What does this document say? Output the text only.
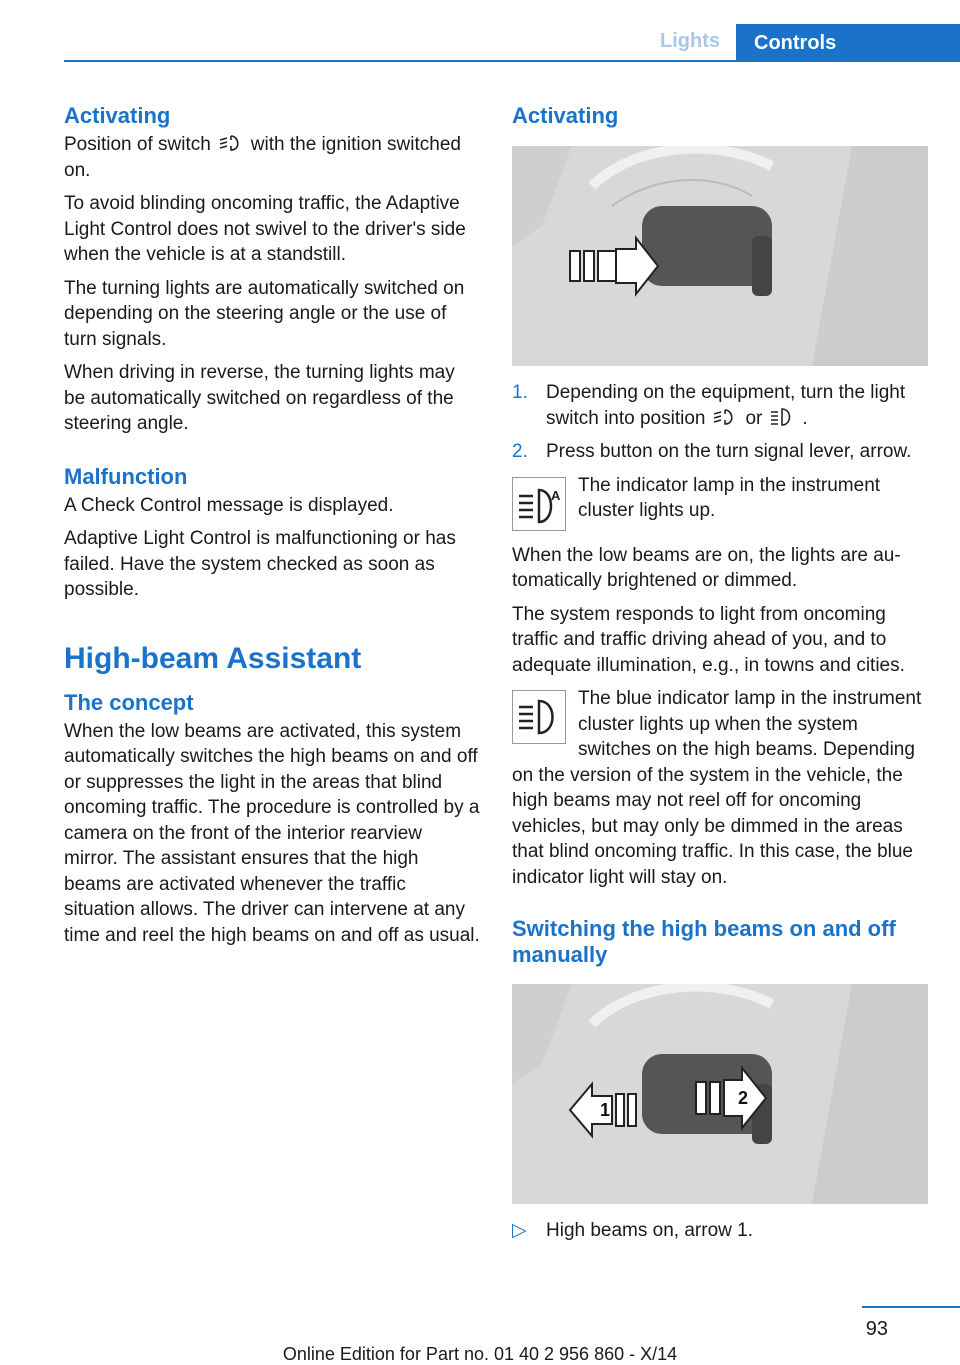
Lights	Controls
Activating

Position of switch with the ignition switched on.

To avoid blinding oncoming traffic, the Adaptive Light Control does not swivel to the driver's side when the vehicle is at a standstill.

The turning lights are automatically switched on depending on the steering angle or the use of turn signals.

When driving in reverse, the turning lights may be automatically switched on regardless of the steering angle.

Malfunction

A Check Control message is displayed.

Adaptive Light Control is malfunctioning or has failed. Have the system checked as soon as possible.

High-beam Assistant
The concept

When the low beams are activated, this system automatically switches the high beams on and off or suppresses the light in the areas that blind oncoming traffic. The procedure is controlled by a camera on the front of the interior rearview mirror. The assistant ensures that the high beams are activated whenever the traffic situation allows. The driver can intervene at any time and reel the high beams on and off as usual.

Activating
1. Depending on the equipment, turn the light switch into position or .
2. Press button on the turn signal lever, arrow.
A The indicator lamp in the instrument cluster lights up.

When the low beams are on, the lights are automatically brightened or dimmed.

The system responds to light from oncoming traffic and traffic driving ahead of you, and to adequate illumination, e.g., in towns and cities.

The blue indicator lamp in the instrument cluster lights up when the system switches on the high beams. Depending on the version of the system in the vehicle, the high beams may not reel off for oncoming vehicles, but may only be dimmed in the areas that blind oncoming traffic. In this case, the blue indicator light will stay on.

Switching the high beams on and off manually
1
2
▷	High beams on, arrow 1.
93
Online Edition for Part no. 01 40 2 956 860 - X/14
